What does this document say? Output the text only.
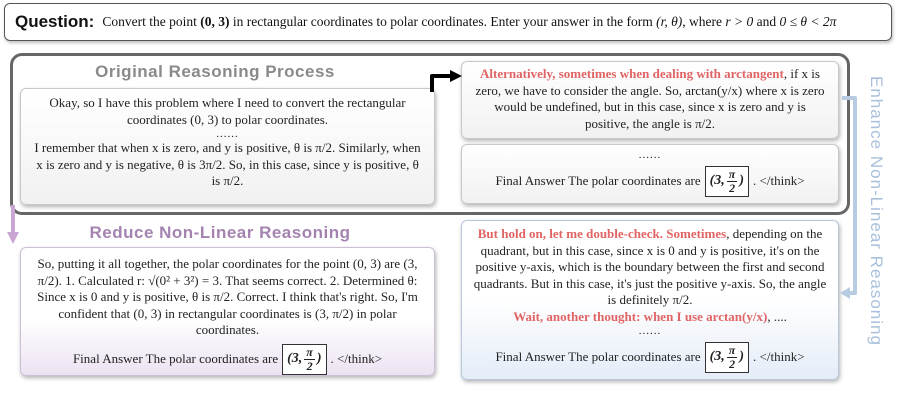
Question: Convert the point (0, 3) in rectangular coordinates to polar coordinates. Enter your answer in the form (r, θ), where r > 0 and 0 ≤ θ < 2π
Original Reasoning Process

Okay, so I have this problem where I need to convert the rectangular coordinates (0, 3) to polar coordinates.

......

I remember that when x is zero, and y is positive, θ is π/2. Similarly, when x is zero and y is negative, θ is 3π/2. So, in this case, since y is positive, θ is π/2.

Alternatively, sometimes when dealing with arctangent, if x is zero, we have to consider the angle. So, arctan(y/x) where x is zero would be undefined, but in this case, since x is zero and y is positive, the angle is π/2.

......

Final Answer The polar coordinates are (3, $\frac{\pi}{2}$ ) . </think>
Reduce Non-Linear Reasoning

So, putting it all together, the polar coordinates for the point (0, 3) are (3, π/2). 1. Calculated r: √(0² + 3²) = 3. That seems correct. 2. Determined θ: Since x is 0 and y is positive, θ is π/2. Correct. I think that's right. So, I'm confident that (0, 3) in rectangular coordinates is (3, π/2) in polar coordinates.

Final Answer The polar coordinates are (3, $\frac{\pi}{2}$ ) . </think>

But hold on, let me double-check. Sometimes, depending on the quadrant, but in this case, since x is 0 and y is positive, it's on the positive y-axis, which is the boundary between the first and second quadrants. But in this case, it's just the positive y-axis. So, the angle is definitely π/2.

Wait, another thought: when I use arctan(y/x), ....

......

Final Answer The polar coordinates are (3, $\frac{\pi}{2}$ ) . </think>
Enhance Non-Linear Reasoning
